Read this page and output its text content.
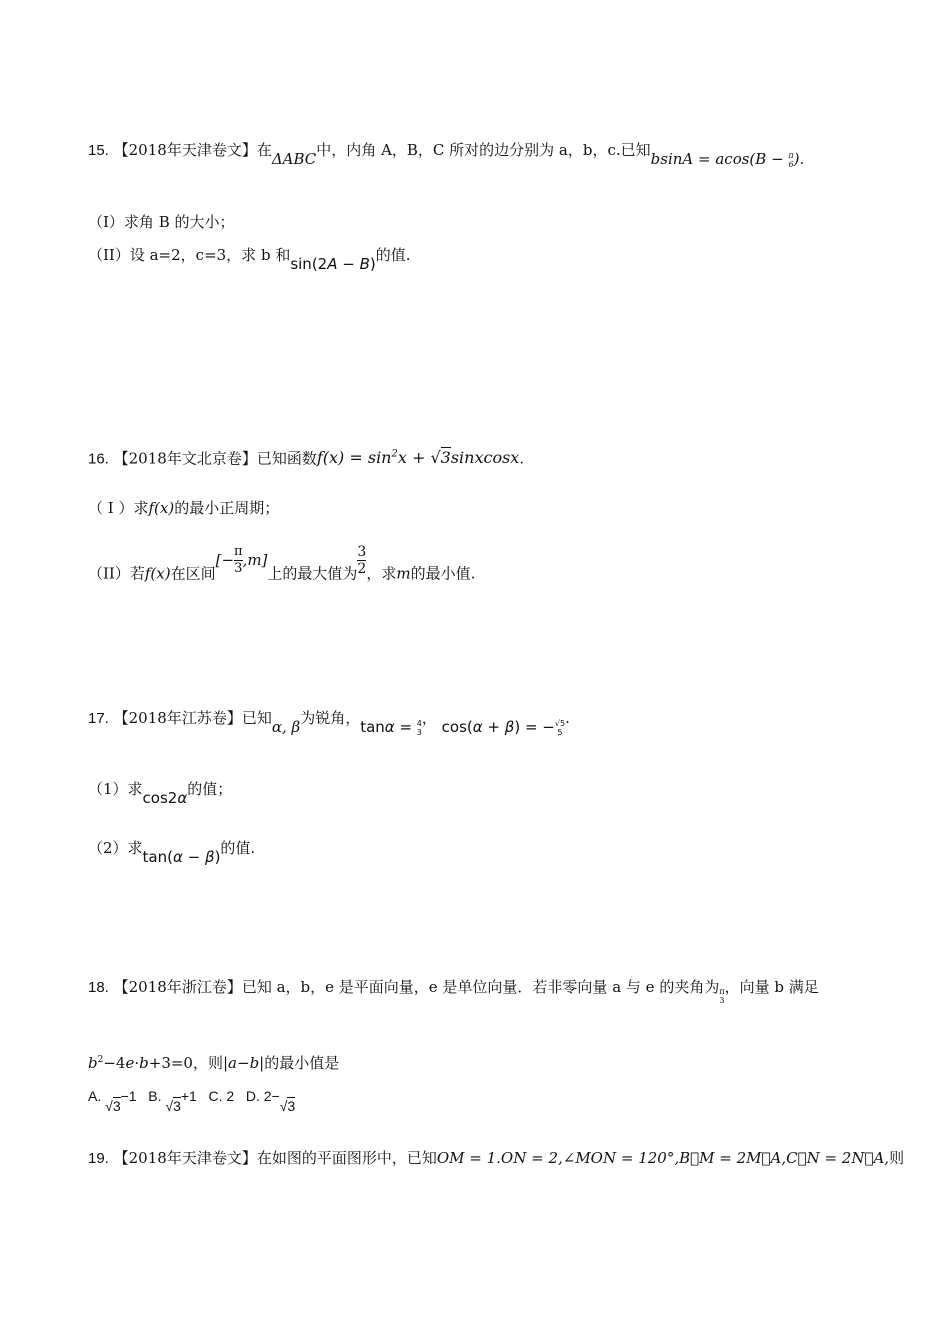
15. 【2018年天津卷文】在ΔABC中，内角 A，B，C 所对的边分别为 a，b，c.已知bsinA = acos(B − π
6 ).
（I）求角 B 的大小；
（II）设 a=2，c=3，求 b 和sin(2A − B)的值.
16. 【2018年文北京卷】已知函数$f(x) = \sin^2x$ + √3sinxcosx.
（ I ）求f(x)的最小正周期；
（II）若f(x)在区间[− $\frac{\pi}{3} ,m$]上的最大值为 $\frac{3}{2}$ ，求m的最小值.
17. 【2018年江苏卷】已知α, β为锐角，tanα = 4
3
， cos(α + β) = − √5
5
.
（1）求cos2α的值；
（2）求tan(α − β)的值.
18. 【2018年浙江卷】已知 a，b，e 是平面向量，e 是单位向量．若非零向量 a 与 e 的夹角为 π
3
，向量 b 满足
$b^2-4e\cdot b+3=0$，则|a−b|的最小值是
A. √3−1 B. √3+1 C. 2 D. 2−√3
19. 【2018年天津卷文】在如图的平面图形中，已知OM = 1.ON = 2,∠MON = 120°,B⃗M = 2M⃗A,C⃗N = 2N⃗A,则
